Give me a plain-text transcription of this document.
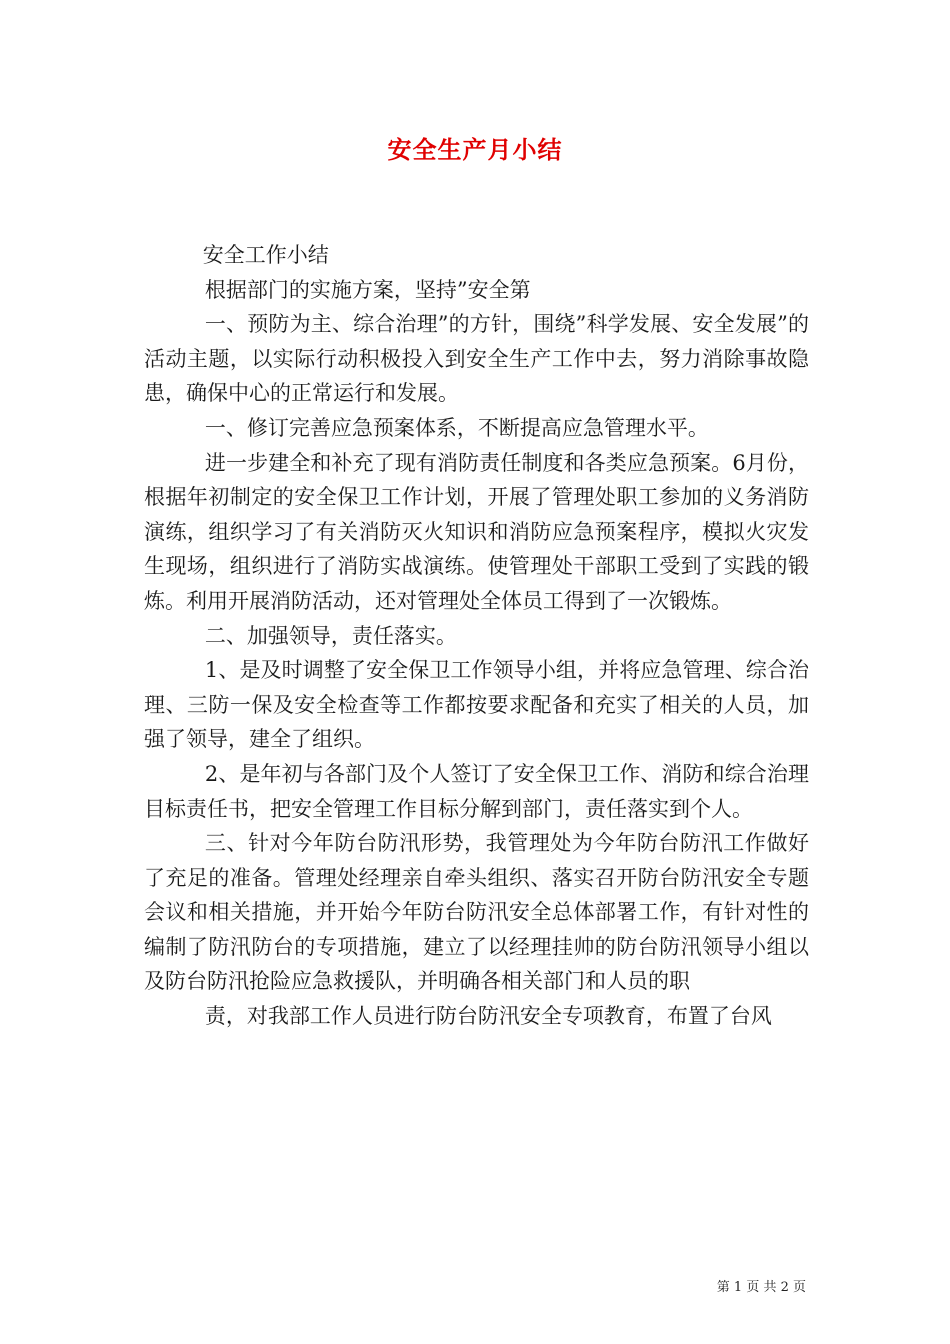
安全生产月小结

安全工作小结

根据部门的实施方案，坚持”安全第

一、预防为主、综合治理”的方针，围绕”科学发展、安全发展”的活动主题，以实际行动积极投入到安全生产工作中去，努力消除事故隐患，确保中心的正常运行和发展。

一、修订完善应急预案体系，不断提高应急管理水平。

进一步建全和补充了现有消防责任制度和各类应急预案。6月份，根据年初制定的安全保卫工作计划，开展了管理处职工参加的义务消防演练，组织学习了有关消防灭火知识和消防应急预案程序，模拟火灾发生现场，组织进行了消防实战演练。使管理处干部职工受到了实践的锻炼。利用开展消防活动，还对管理处全体员工得到了一次锻炼。

二、加强领导，责任落实。

1、是及时调整了安全保卫工作领导小组，并将应急管理、综合治理、三防一保及安全检查等工作都按要求配备和充实了相关的人员，加强了领导，建全了组织。

2、是年初与各部门及个人签订了安全保卫工作、消防和综合治理目标责任书，把安全管理工作目标分解到部门，责任落实到个人。

三、针对今年防台防汛形势，我管理处为今年防台防汛工作做好了充足的准备。管理处经理亲自牵头组织、落实召开防台防汛安全专题会议和相关措施，并开始今年防台防汛安全总体部署工作，有针对性的编制了防汛防台的专项措施，建立了以经理挂帅的防台防汛领导小组以及防台防汛抢险应急救援队，并明确各相关部门和人员的职

责，对我部工作人员进行防台防汛安全专项教育，布置了台风

第 1 页 共 2 页
